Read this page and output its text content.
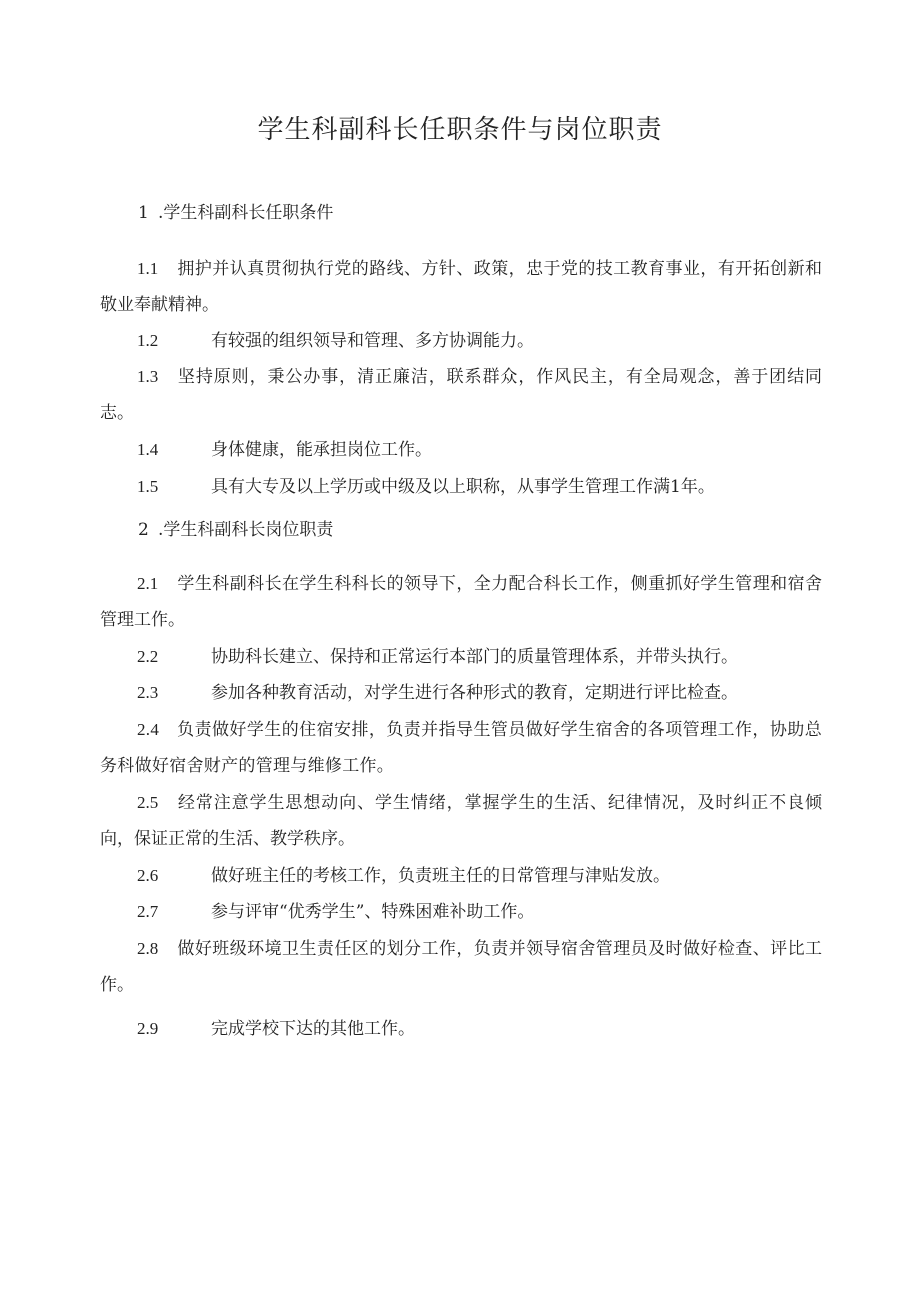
学生科副科长任职条件与岗位职责
1 .学生科副科长任职条件
1.1 拥护并认真贯彻执行党的路线、方针、政策，忠于党的技工教育事业，有开拓创新和敬业奉献精神。
1.2	有较强的组织领导和管理、多方协调能力。
1.3 坚持原则，秉公办事，清正廉洁，联系群众，作风民主，有全局观念，善于团结同志。
1.4	身体健康，能承担岗位工作。
1.5	具有大专及以上学历或中级及以上职称，从事学生管理工作满1年。
2 .学生科副科长岗位职责
2.1 学生科副科长在学生科科长的领导下，全力配合科长工作，侧重抓好学生管理和宿舍管理工作。
2.2	协助科长建立、保持和正常运行本部门的质量管理体系，并带头执行。
2.3	参加各种教育活动，对学生进行各种形式的教育，定期进行评比检查。
2.4 负责做好学生的住宿安排，负责并指导生管员做好学生宿舍的各项管理工作，协助总务科做好宿舍财产的管理与维修工作。
2.5 经常注意学生思想动向、学生情绪，掌握学生的生活、纪律情况，及时纠正不良倾向，保证正常的生活、教学秩序。
2.6	做好班主任的考核工作，负责班主任的日常管理与津贴发放。
2.7	参与评审“优秀学生”、特殊困难补助工作。
2.8 做好班级环境卫生责任区的划分工作，负责并领导宿舍管理员及时做好检查、评比工作。
2.9	完成学校下达的其他工作。
